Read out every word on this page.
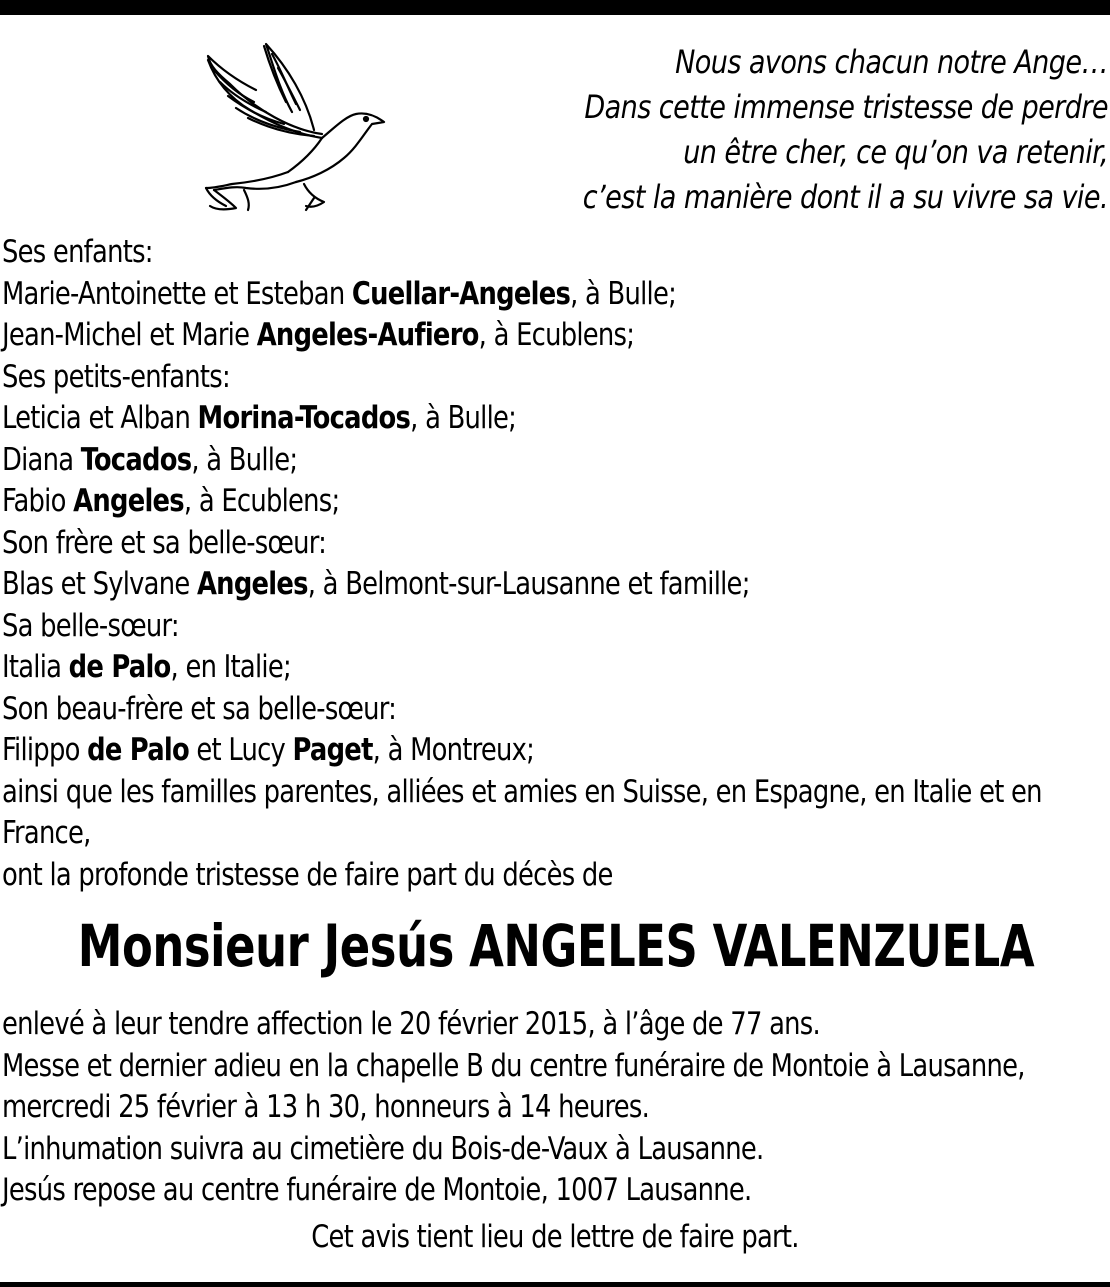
Nous avons chacun notre Ange…

Dans cette immense tristesse de perdre

un être cher, ce qu’on va retenir,

c’est la manière dont il a su vivre sa vie.

Ses enfants:
Marie-Antoinette et Esteban Cuellar-Angeles, à Bulle;
Jean-Michel et Marie Angeles-Aufiero, à Ecublens;
Ses petits-enfants:
Leticia et Alban Morina-Tocados, à Bulle;
Diana Tocados, à Bulle;
Fabio Angeles, à Ecublens;
Son frère et sa belle-sœur:
Blas et Sylvane Angeles, à Belmont-sur-Lausanne et famille;
Sa belle-sœur:
Italia de Palo, en Italie;
Son beau-frère et sa belle-sœur:
Filippo de Palo et Lucy Paget, à Montreux;
ainsi que les familles parentes, alliées et amies en Suisse, en Espagne, en Italie et en France,
ont la profonde tristesse de faire part du décès de
Monsieur Jesús ANGELES VALENZUELA
enlevé à leur tendre affection le 20 février 2015, à l’âge de 77 ans.
Messe et dernier adieu en la chapelle B du centre funéraire de Montoie à Lausanne, mercredi 25 février à 13 h 30, honneurs à 14 heures.
L’inhumation suivra au cimetière du Bois-de-Vaux à Lausanne.
Jesús repose au centre funéraire de Montoie, 1007 Lausanne.
Cet avis tient lieu de lettre de faire part.
